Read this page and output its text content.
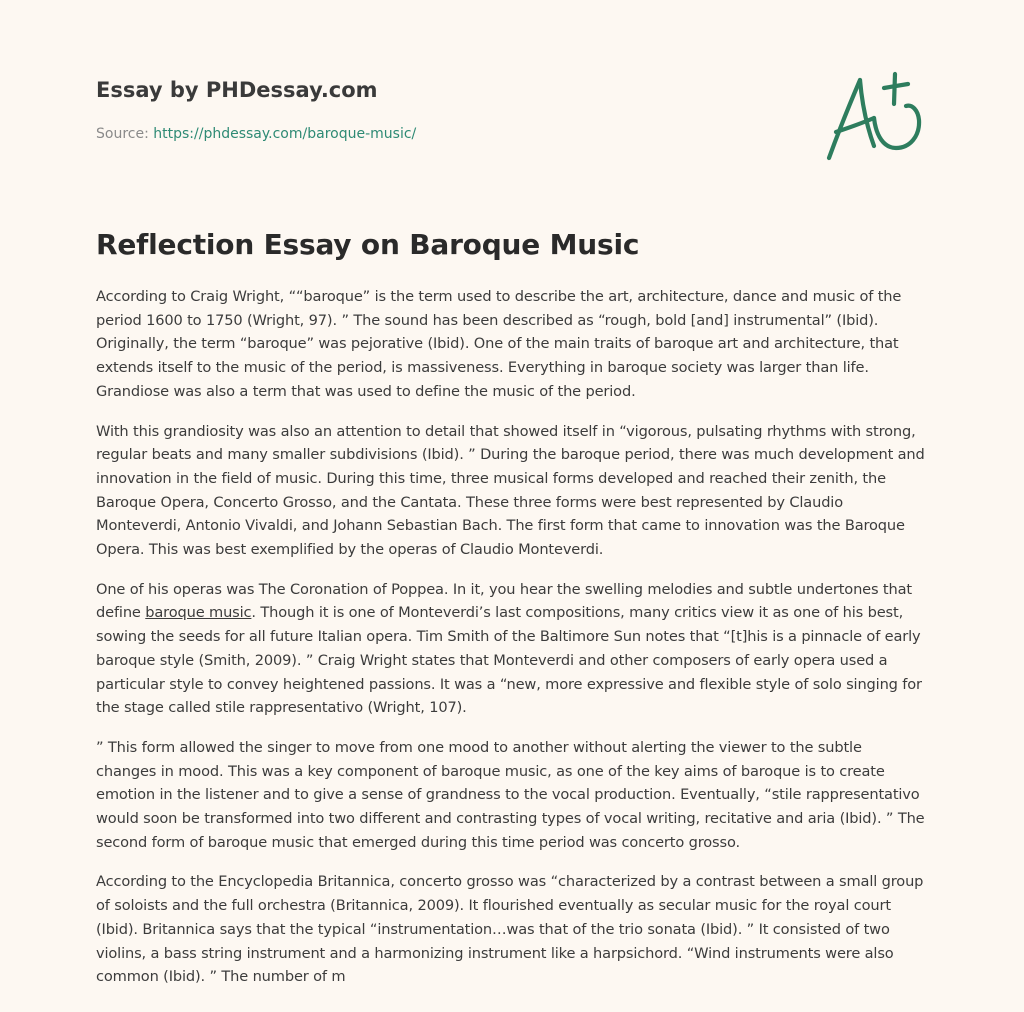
Essay by PHDessay.com
Source: https://phdessay.com/baroque-music/
Reflection Essay on Baroque Music

According to Craig Wright, ““baroque” is the term used to describe the art, architecture, dance and music of the period 1600 to 1750 (Wright, 97). ” The sound has been described as “rough, bold [and] instrumental” (Ibid). Originally, the term “baroque” was pejorative (Ibid). One of the main traits of baroque art and architecture, that extends itself to the music of the period, is massiveness. Everything in baroque society was larger than life. Grandiose was also a term that was used to define the music of the period.

With this grandiosity was also an attention to detail that showed itself in “vigorous, pulsating rhythms with strong, regular beats and many smaller subdivisions (Ibid). ” During the baroque period, there was much development and innovation in the field of music. During this time, three musical forms developed and reached their zenith, the Baroque Opera, Concerto Grosso, and the Cantata. These three forms were best represented by Claudio Monteverdi, Antonio Vivaldi, and Johann Sebastian Bach. The first form that came to innovation was the Baroque Opera. This was best exemplified by the operas of Claudio Monteverdi.

One of his operas was The Coronation of Poppea. In it, you hear the swelling melodies and subtle undertones that define baroque music. Though it is one of Monteverdi’s last compositions, many critics view it as one of his best, sowing the seeds for all future Italian opera. Tim Smith of the Baltimore Sun notes that “[t]his is a pinnacle of early baroque style (Smith, 2009). ” Craig Wright states that Monteverdi and other composers of early opera used a particular style to convey heightened passions. It was a “new, more expressive and flexible style of solo singing for the stage called stile rappresentativo (Wright, 107).

” This form allowed the singer to move from one mood to another without alerting the viewer to the subtle changes in mood. This was a key component of baroque music, as one of the key aims of baroque is to create emotion in the listener and to give a sense of grandness to the vocal production. Eventually, “stile rappresentativo would soon be transformed into two different and contrasting types of vocal writing, recitative and aria (Ibid). ” The second form of baroque music that emerged during this time period was concerto grosso.

According to the Encyclopedia Britannica, concerto grosso was “characterized by a contrast between a small group of soloists and the full orchestra (Britannica, 2009). It flourished eventually as secular music for the royal court (Ibid). Britannica says that the typical “instrumentation…was that of the trio sonata (Ibid). ” It consisted of two violins, a bass string instrument and a harmonizing instrument like a harpsichord. “Wind instruments were also common (Ibid). ” The number of m
